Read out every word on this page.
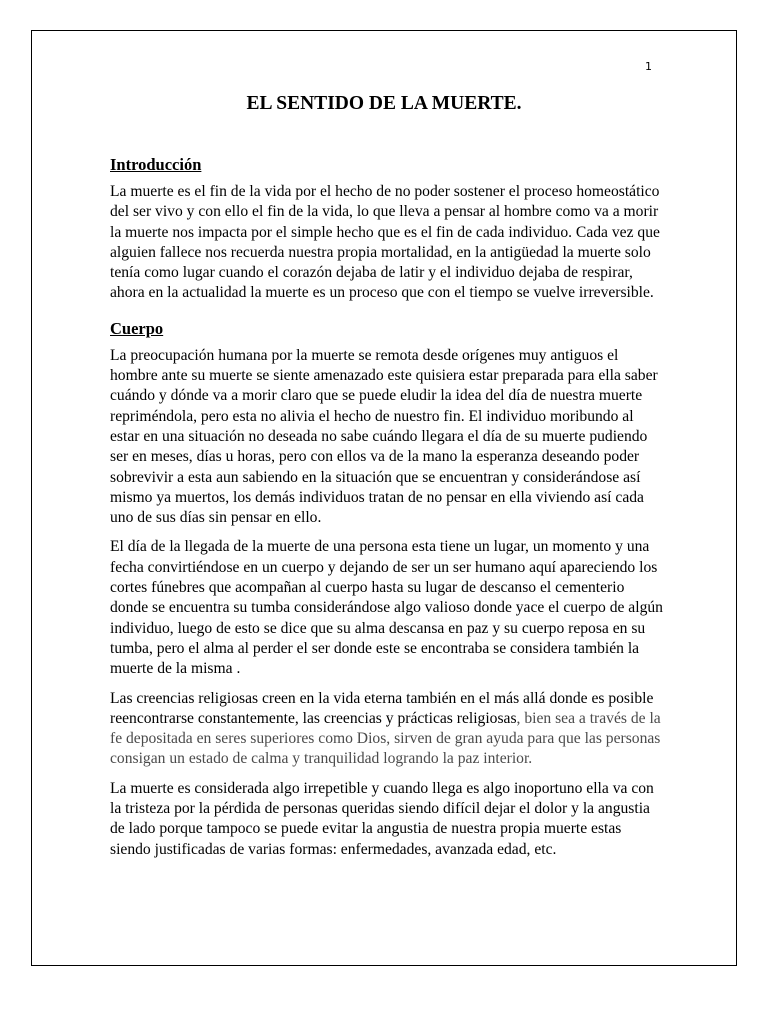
1
EL SENTIDO DE LA MUERTE.
Introducción

La muerte es el fin de la vida por el hecho de no poder sostener el proceso homeostático del ser vivo y con ello el fin de la vida, lo que lleva a pensar al hombre como va a morir la muerte nos impacta por el simple hecho que es el fin de cada individuo. Cada vez que alguien fallece nos recuerda nuestra propia mortalidad, en la antigüedad la muerte solo tenía como lugar cuando el corazón dejaba de latir y el individuo dejaba de respirar, ahora en la actualidad la muerte es un proceso que con el tiempo se vuelve irreversible.

Cuerpo

La preocupación humana por la muerte se remota desde orígenes muy antiguos el hombre ante su muerte se siente amenazado este quisiera estar preparada para ella saber cuándo y dónde va a morir claro que se puede eludir la idea del día de nuestra muerte repriméndola, pero esta no alivia el hecho de nuestro fin. El individuo moribundo al estar en una situación no deseada no sabe cuándo llegara el día de su muerte pudiendo ser en meses, días u horas, pero con ellos va de la mano la esperanza deseando poder sobrevivir a esta aun sabiendo en la situación que se encuentran y considerándose así mismo ya muertos, los demás individuos tratan de no pensar en ella viviendo así cada uno de sus días sin pensar en ello.

El día de la llegada de la muerte de una persona esta tiene un lugar, un momento y una fecha convirtiéndose en un cuerpo y dejando de ser un ser humano aquí apareciendo los cortes fúnebres que acompañan al cuerpo hasta su lugar de descanso el cementerio donde se encuentra su tumba considerándose algo valioso donde yace el cuerpo de algún individuo, luego de esto se dice que su alma descansa en paz y su cuerpo reposa en su tumba, pero el alma al perder el ser donde este se encontraba se considera también la muerte de la misma .

Las creencias religiosas creen en la vida eterna también en el más allá donde es posible reencontrarse constantemente, las creencias y prácticas religiosas, bien sea a través de la fe depositada en seres superiores como Dios, sirven de gran ayuda para que las personas consigan un estado de calma y tranquilidad logrando la paz interior.

La muerte es considerada algo irrepetible y cuando llega es algo inoportuno ella va con la tristeza por la pérdida de personas queridas siendo difícil dejar el dolor y la angustia de lado porque tampoco se puede evitar la angustia de nuestra propia muerte estas siendo justificadas de varias formas: enfermedades, avanzada edad, etc.
